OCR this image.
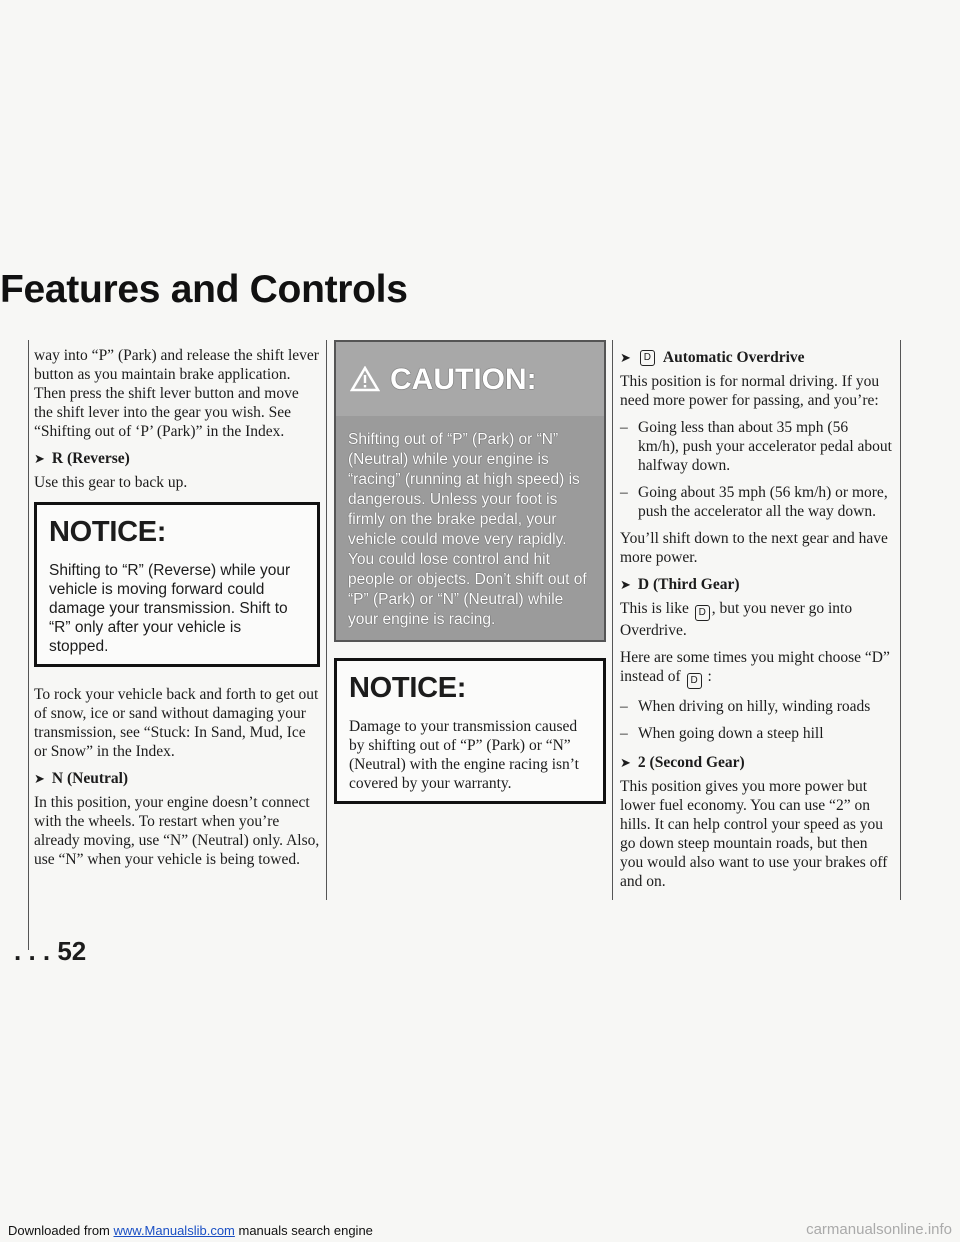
Downloaded from www.Manualslib.com manuals search engine	carmanualsonline.info
Features and Controls

way into “P” (Park) and release the shift lever button as you maintain brake application. Then press the shift lever button and move the shift lever into the gear you wish. See “Shifting out of ‘P’ (Park)” in the Index.

➤ R (Reverse)

Use this gear to back up.

NOTICE:
Shifting to “R” (Reverse) while your vehicle is moving forward could damage your transmission. Shift to “R” only after your vehicle is stopped.

To rock your vehicle back and forth to get out of snow, ice or sand without damaging your transmission, see “Stuck: In Sand, Mud, Ice or Snow” in the Index.

➤ N (Neutral)

In this position, your engine doesn’t connect with the wheels. To restart when you’re already moving, use “N” (Neutral) only. Also, use “N” when your vehicle is being towed.

CAUTION:
Shifting out of “P” (Park) or “N” (Neutral) while your engine is “racing” (running at high speed) is dangerous. Unless your foot is firmly on the brake pedal, your vehicle could move very rapidly. You could lose control and hit people or objects. Don’t shift out of “P” (Park) or “N” (Neutral) while your engine is racing.
NOTICE:
Damage to your transmission caused by shifting out of “P” (Park) or “N” (Neutral) with the engine racing isn’t covered by your warranty.
➤	D Automatic Overdrive

This position is for normal driving. If you need more power for passing, and you’re:

– Going less than about 35 mph (56 km/h), push your accelerator pedal about halfway down.
– Going about 35 mph (56 km/h) or more, push the accelerator all the way down.

You’ll shift down to the next gear and have more power.

➤ D (Third Gear)

This is like D , but you never go into Overdrive.

Here are some times you might choose “D” instead of D :

– When driving on hilly, winding roads
– When going down a steep hill
➤ 2 (Second Gear)

This position gives you more power but lower fuel economy. You can use “2” on hills. It can help control your speed as you go down steep mountain roads, but then you would also want to use your brakes off and on.

. . . 52
